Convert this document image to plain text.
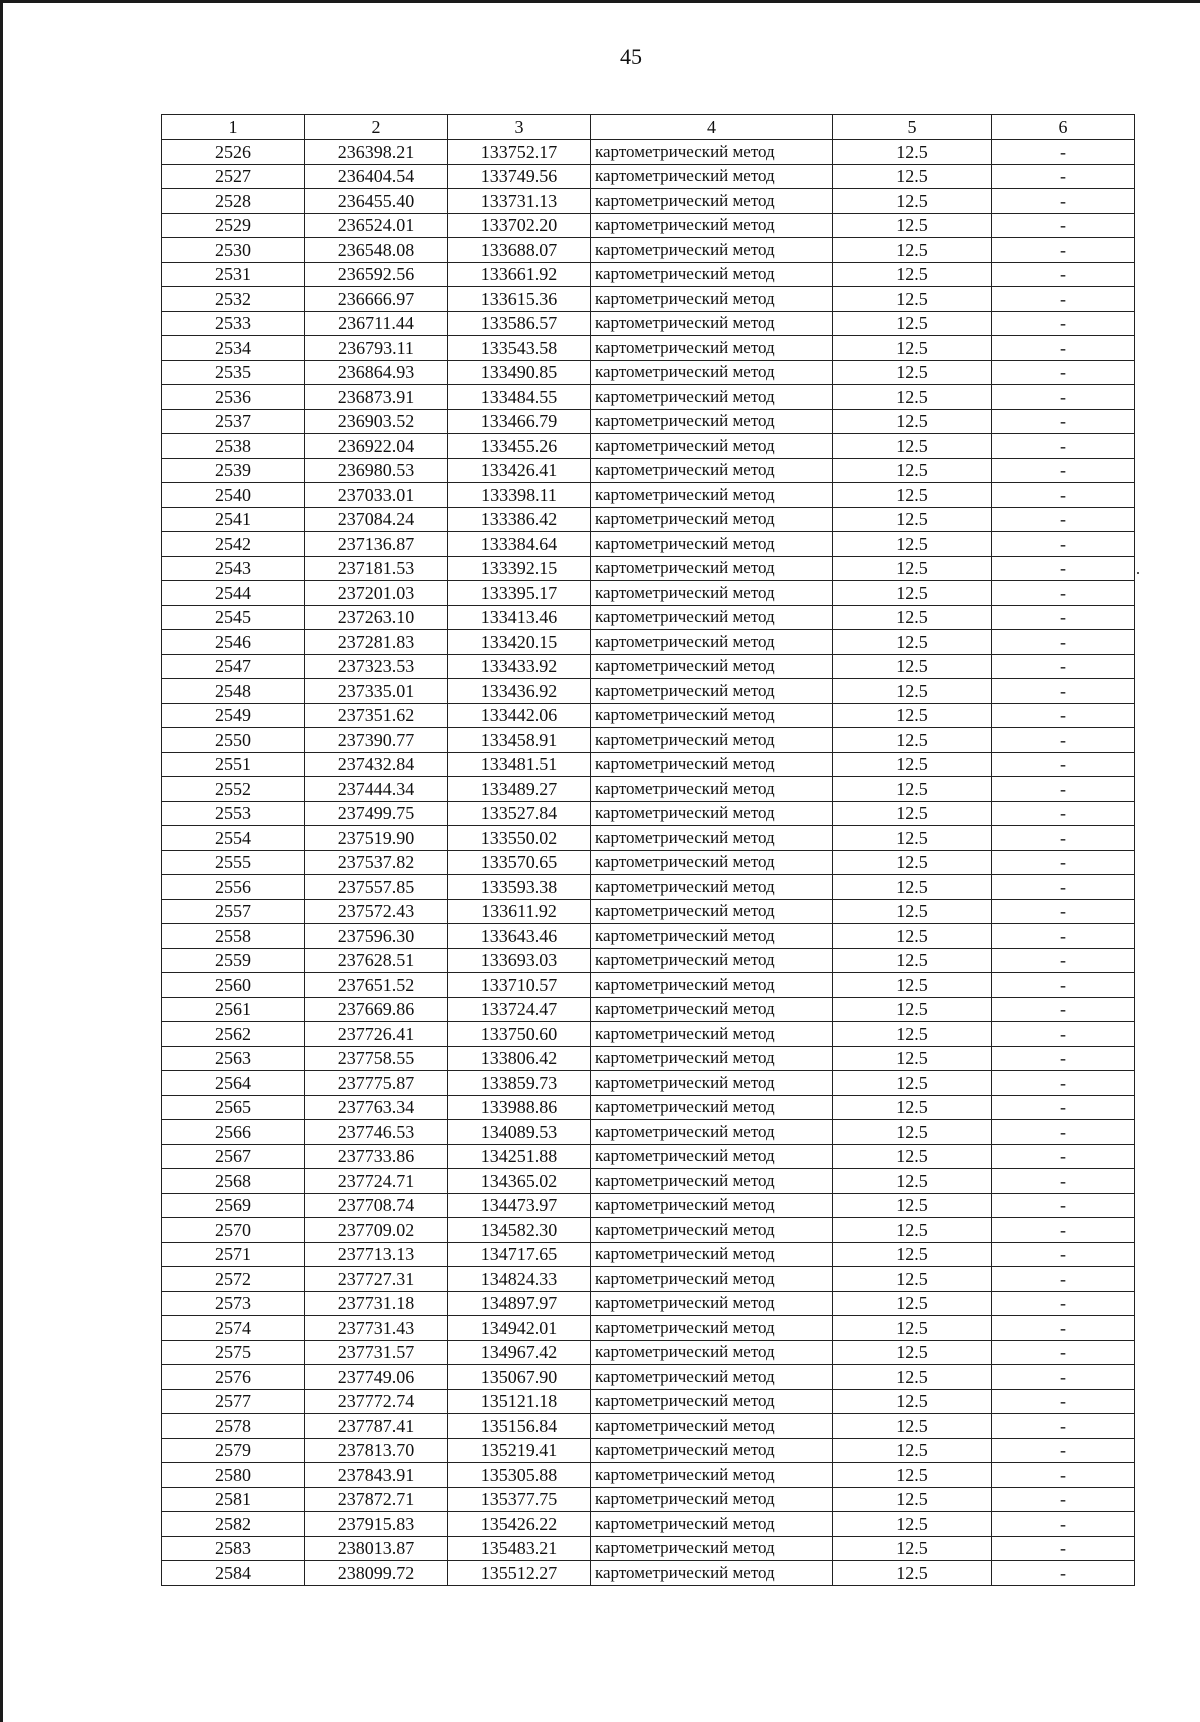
45
1	2	3	4	5	6
2526	236398.21	133752.17	картометрический метод	12.5	-
2527	236404.54	133749.56	картометрический метод	12.5	-
2528	236455.40	133731.13	картометрический метод	12.5	-
2529	236524.01	133702.20	картометрический метод	12.5	-
2530	236548.08	133688.07	картометрический метод	12.5	-
2531	236592.56	133661.92	картометрический метод	12.5	-
2532	236666.97	133615.36	картометрический метод	12.5	-
2533	236711.44	133586.57	картометрический метод	12.5	-
2534	236793.11	133543.58	картометрический метод	12.5	-
2535	236864.93	133490.85	картометрический метод	12.5	-
2536	236873.91	133484.55	картометрический метод	12.5	-
2537	236903.52	133466.79	картометрический метод	12.5	-
2538	236922.04	133455.26	картометрический метод	12.5	-
2539	236980.53	133426.41	картометрический метод	12.5	-
2540	237033.01	133398.11	картометрический метод	12.5	-
2541	237084.24	133386.42	картометрический метод	12.5	-
2542	237136.87	133384.64	картометрический метод	12.5	-
2543	237181.53	133392.15	картометрический метод	12.5	-
2544	237201.03	133395.17	картометрический метод	12.5	-
2545	237263.10	133413.46	картометрический метод	12.5	-
2546	237281.83	133420.15	картометрический метод	12.5	-
2547	237323.53	133433.92	картометрический метод	12.5	-
2548	237335.01	133436.92	картометрический метод	12.5	-
2549	237351.62	133442.06	картометрический метод	12.5	-
2550	237390.77	133458.91	картометрический метод	12.5	-
2551	237432.84	133481.51	картометрический метод	12.5	-
2552	237444.34	133489.27	картометрический метод	12.5	-
2553	237499.75	133527.84	картометрический метод	12.5	-
2554	237519.90	133550.02	картометрический метод	12.5	-
2555	237537.82	133570.65	картометрический метод	12.5	-
2556	237557.85	133593.38	картометрический метод	12.5	-
2557	237572.43	133611.92	картометрический метод	12.5	-
2558	237596.30	133643.46	картометрический метод	12.5	-
2559	237628.51	133693.03	картометрический метод	12.5	-
2560	237651.52	133710.57	картометрический метод	12.5	-
2561	237669.86	133724.47	картометрический метод	12.5	-
2562	237726.41	133750.60	картометрический метод	12.5	-
2563	237758.55	133806.42	картометрический метод	12.5	-
2564	237775.87	133859.73	картометрический метод	12.5	-
2565	237763.34	133988.86	картометрический метод	12.5	-
2566	237746.53	134089.53	картометрический метод	12.5	-
2567	237733.86	134251.88	картометрический метод	12.5	-
2568	237724.71	134365.02	картометрический метод	12.5	-
2569	237708.74	134473.97	картометрический метод	12.5	-
2570	237709.02	134582.30	картометрический метод	12.5	-
2571	237713.13	134717.65	картометрический метод	12.5	-
2572	237727.31	134824.33	картометрический метод	12.5	-
2573	237731.18	134897.97	картометрический метод	12.5	-
2574	237731.43	134942.01	картометрический метод	12.5	-
2575	237731.57	134967.42	картометрический метод	12.5	-
2576	237749.06	135067.90	картометрический метод	12.5	-
2577	237772.74	135121.18	картометрический метод	12.5	-
2578	237787.41	135156.84	картометрический метод	12.5	-
2579	237813.70	135219.41	картометрический метод	12.5	-
2580	237843.91	135305.88	картометрический метод	12.5	-
2581	237872.71	135377.75	картометрический метод	12.5	-
2582	237915.83	135426.22	картометрический метод	12.5	-
2583	238013.87	135483.21	картометрический метод	12.5	-
2584	238099.72	135512.27	картометрический метод	12.5	-
